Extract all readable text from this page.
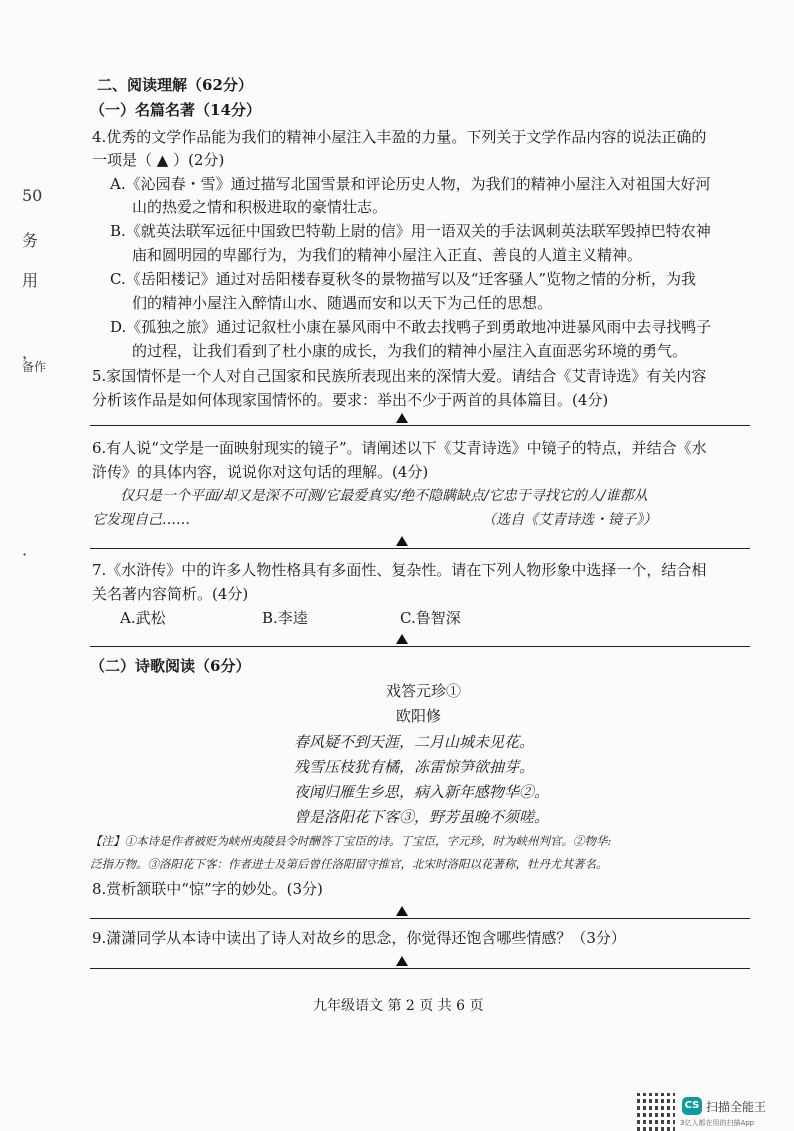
50
务
用
，
备作
·
二、阅读理解（62分）
（一）名篇名著（14分）
4.优秀的文学作品能为我们的精神小屋注入丰盈的力量。下列关于文学作品内容的说法正确的
一项是（ ▲ ）(2分)
A.《沁园春・雪》通过描写北国雪景和评论历史人物，为我们的精神小屋注入对祖国大好河
山的热爱之情和积极进取的豪情壮志。
B.《就英法联军远征中国致巴特勒上尉的信》用一语双关的手法讽刺英法联军毁掉巴特农神
庙和圆明园的卑鄙行为，为我们的精神小屋注入正直、善良的人道主义精神。
C.《岳阳楼记》通过对岳阳楼春夏秋冬的景物描写以及“迁客骚人”览物之情的分析，为我
们的精神小屋注入醉情山水、随遇而安和以天下为己任的思想。
D.《孤独之旅》通过记叙杜小康在暴风雨中不敢去找鸭子到勇敢地冲进暴风雨中去寻找鸭子
的过程，让我们看到了杜小康的成长，为我们的精神小屋注入直面恶劣环境的勇气。
5.家国情怀是一个人对自己国家和民族所表现出来的深情大爱。请结合《艾青诗选》有关内容
分析该作品是如何体现家国情怀的。要求：举出不少于两首的具体篇目。(4分)
6.有人说“文学是一面映射现实的镜子”。请阐述以下《艾青诗选》中镜子的特点，并结合《水
浒传》的具体内容，说说你对这句话的理解。(4分)
仅只是一个平面/却又是深不可测/它最爱真实/绝不隐瞒缺点/它忠于寻找它的人/谁都从
它发现自己……	（选自《艾青诗选・镜子》）
7.《水浒传》中的许多人物性格具有多面性、复杂性。请在下列人物形象中选择一个，结合相
关名著内容简析。(4分)
A.武松	B.李逵	C.鲁智深
（二）诗歌阅读（6分）
戏答元珍①
欧阳修
春风疑不到天涯，二月山城未见花。
残雪压枝犹有橘，冻雷惊笋欲抽芽。
夜闻归雁生乡思，病入新年感物华②。
曾是洛阳花下客③，野芳虽晚不须嗟。
【注】①本诗是作者被贬为峡州夷陵县令时酬答丁宝臣的诗。丁宝臣，字元珍，时为峡州判官。②物华:
泛指万物。③洛阳花下客：作者进士及第后曾任洛阳留守推官，北宋时洛阳以花著称，牡丹尤其著名。
8.赏析颔联中“惊”字的妙处。(3分)
9.潇潇同学从本诗中读出了诗人对故乡的思念，你觉得还饱含哪些情感？（3分）
九年级语文 第 2 页 共 6 页
CS 扫描全能王
3亿人都在用的扫描App
